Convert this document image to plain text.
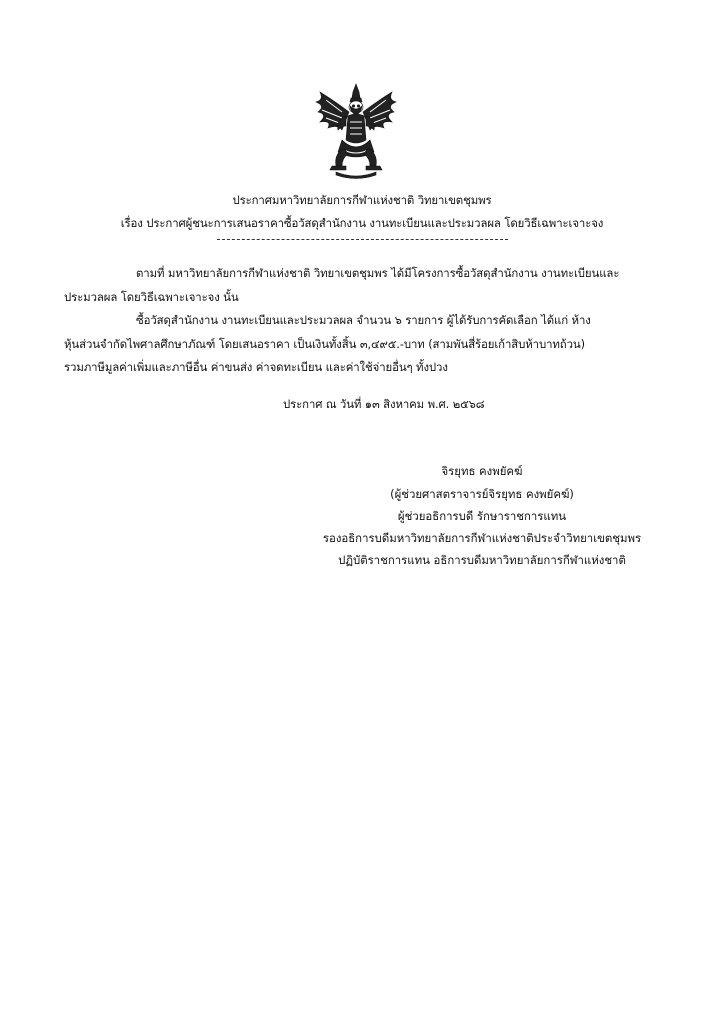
ประกาศมหาวิทยาลัยการกีฬาแห่งชาติ วิทยาเขตชุมพร
เรื่อง ประกาศผู้ชนะการเสนอราคาซื้อวัสดุสำนักงาน งานทะเบียนและประมวลผล โดยวิธีเฉพาะเจาะจง
ตามที่ มหาวิทยาลัยการกีฬาแห่งชาติ วิทยาเขตชุมพร ได้มีโครงการซื้อวัสดุสำนักงาน งานทะเบียนและ
ประมวลผล โดยวิธีเฉพาะเจาะจง นั้น
ซื้อวัสดุสำนักงาน งานทะเบียนและประมวลผล จำนวน ๖ รายการ ผู้ได้รับการคัดเลือก ได้แก่ ห้าง
หุ้นส่วนจำกัดไพศาลศึกษาภัณฑ์ โดยเสนอราคา เป็นเงินทั้งสิ้น ๓,๔๙๕.-บาท (สามพันสี่ร้อยเก้าสิบห้าบาทถ้วน)
รวมภาษีมูลค่าเพิ่มและภาษีอื่น ค่าขนส่ง ค่าจดทะเบียน และค่าใช้จ่ายอื่นๆ ทั้งปวง
ประกาศ ณ วันที่ ๑๓ สิงหาคม พ.ศ. ๒๕๖๘
จิรยุทธ คงพยัคฆ์
(ผู้ช่วยศาสตราจารย์จิรยุทธ คงพยัคฆ์)
ผู้ช่วยอธิการบดี รักษาราชการแทน
รองอธิการบดีมหาวิทยาลัยการกีฬาแห่งชาติประจำวิทยาเขตชุมพร
ปฏิบัติราชการแทน อธิการบดีมหาวิทยาลัยการกีฬาแห่งชาติ
